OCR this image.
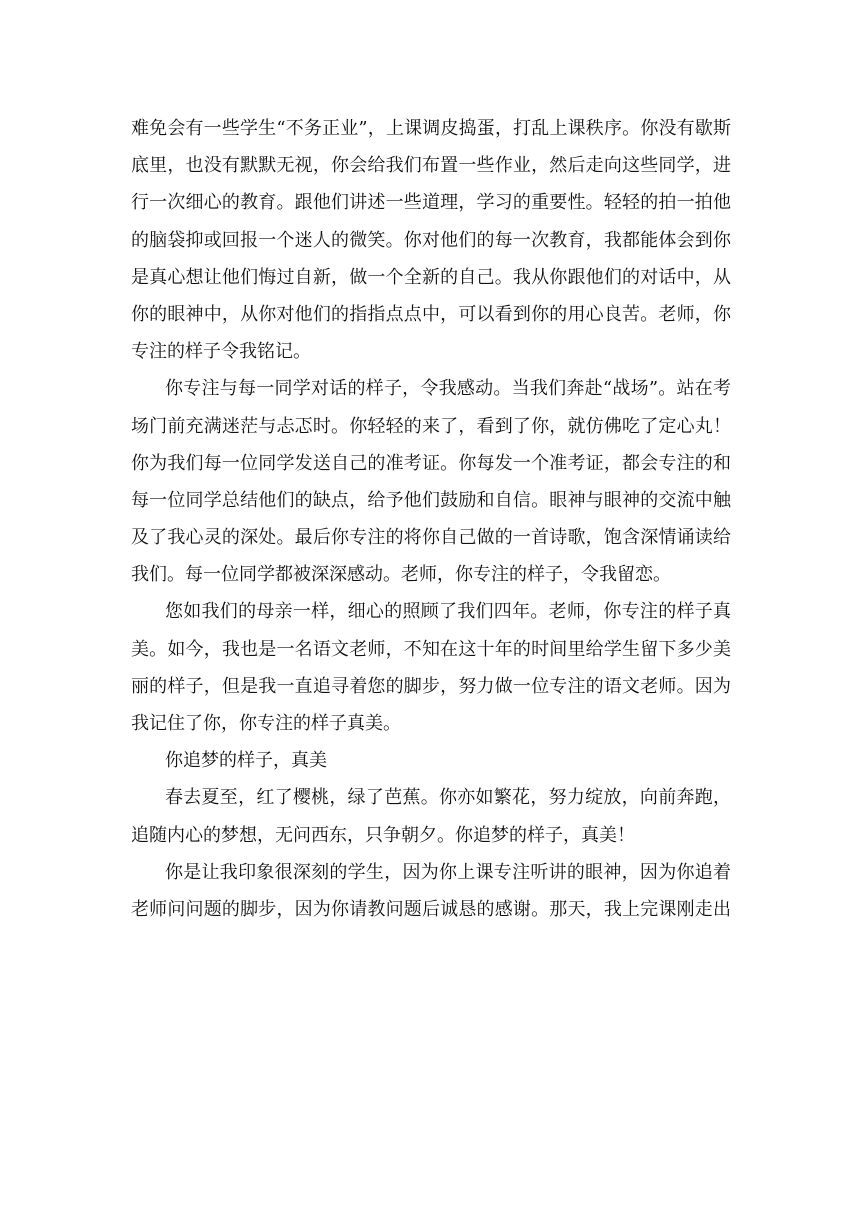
难免会有一些学生“不务正业”，上课调皮捣蛋，打乱上课秩序。你没有歇斯
底里，也没有默默无视，你会给我们布置一些作业，然后走向这些同学，进
行一次细心的教育。跟他们讲述一些道理，学习的重要性。轻轻的拍一拍他
的脑袋抑或回报一个迷人的微笑。你对他们的每一次教育，我都能体会到你
是真心想让他们悔过自新，做一个全新的自己。我从你跟他们的对话中，从
你的眼神中，从你对他们的指指点点中，可以看到你的用心良苦。老师，你
专注的样子令我铭记。
你专注与每一同学对话的样子，令我感动。当我们奔赴“战场”。站在考
场门前充满迷茫与忐忑时。你轻轻的来了，看到了你，就仿佛吃了定心丸！
你为我们每一位同学发送自己的准考证。你每发一个准考证，都会专注的和
每一位同学总结他们的缺点，给予他们鼓励和自信。眼神与眼神的交流中触
及了我心灵的深处。最后你专注的将你自己做的一首诗歌，饱含深情诵读给
我们。每一位同学都被深深感动。老师，你专注的样子，令我留恋。
您如我们的母亲一样，细心的照顾了我们四年。老师，你专注的样子真
美。如今，我也是一名语文老师，不知在这十年的时间里给学生留下多少美
丽的样子，但是我一直追寻着您的脚步，努力做一位专注的语文老师。因为
我记住了你，你专注的样子真美。
你追梦的样子，真美
春去夏至，红了樱桃，绿了芭蕉。你亦如繁花，努力绽放，向前奔跑，
追随内心的梦想，无问西东，只争朝夕。你追梦的样子，真美！
你是让我印象很深刻的学生，因为你上课专注听讲的眼神，因为你追着
老师问问题的脚步，因为你请教问题后诚恳的感谢。那天，我上完课刚走出
